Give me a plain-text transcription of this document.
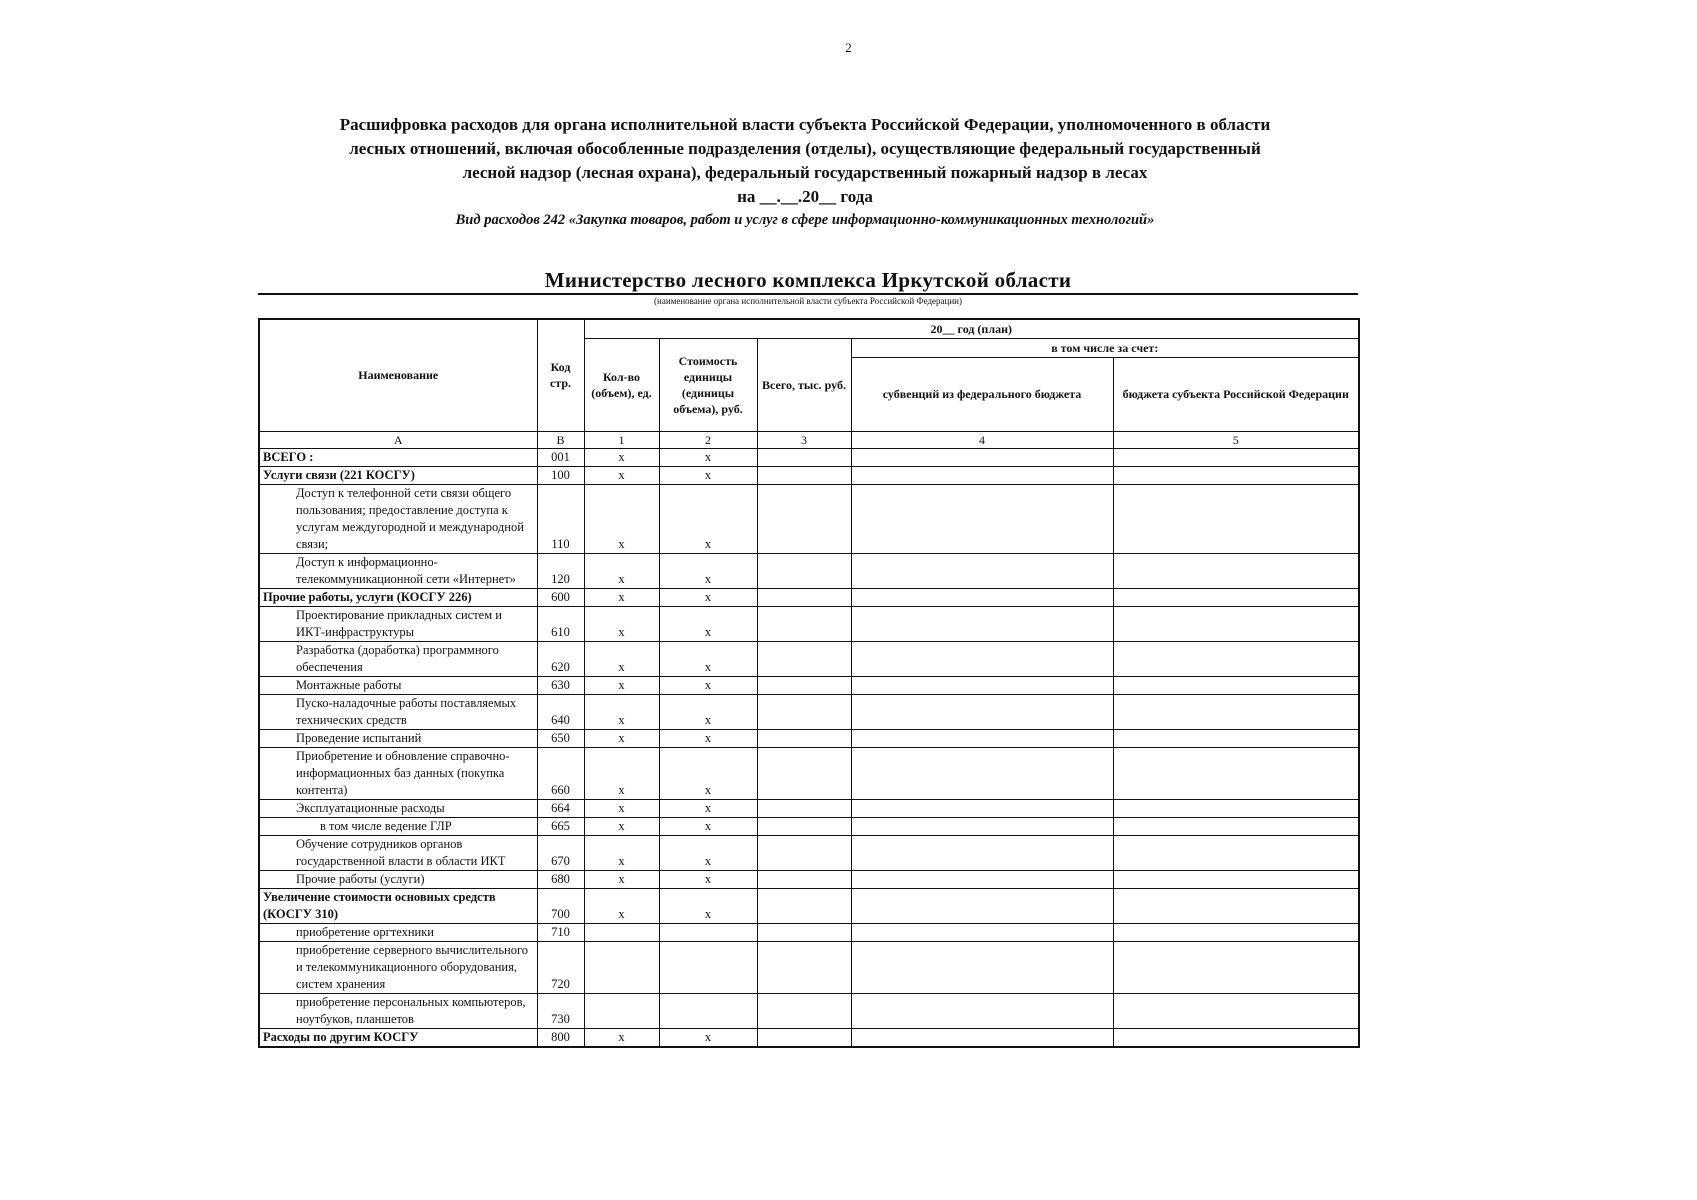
2
Расшифровка расходов для органа исполнительной власти субъекта Российской Федерации, уполномоченного в области
лесных отношений, включая обособленные подразделения (отделы), осуществляющие федеральный государственный
лесной надзор (лесная охрана), федеральный государственный пожарный надзор в лесах
на __.__.20__ года
Вид расходов 242 «Закупка товаров, работ и услуг в сфере информационно-коммуникационных технологий»
Министерство лесного комплекса Иркутской области
(наименование органа исполнительной власти субъекта Российской Федерации)
Наименование	Код стр.	20__ год (план)				
		Кол-во (объем), ед.	Стоимость единицы (единицы объема), руб.	Всего, тыс. руб.	в том числе за счет:	
					субвенций из федерального бюджета	бюджета субъекта Российской Федерации
А	В	1	2	3	4	5
ВСЕГО :	001	x	x			
Услуги связи (221 КОСГУ)	100	x	x			
Доступ к телефонной сети связи общего пользования; предоставление доступа к услугам междугородной и международной связи;	110	x	x			
Доступ к информационно-телекоммуникационной сети «Интернет»	120	x	x			
Прочие работы, услуги (КОСГУ 226)	600	x	x			
Проектирование прикладных систем и ИКТ-инфраструктуры	610	x	x			
Разработка (доработка) программного обеспечения	620	x	x			
Монтажные работы	630	x	x			
Пуско-наладочные работы поставляемых технических средств	640	x	x			
Проведение испытаний	650	x	x			
Приобретение и обновление справочно-информационных баз данных (покупка контента)	660	x	x			
Эксплуатационные расходы	664	x	x			
в том числе ведение ГЛР	665	x	x			
Обучение сотрудников органов государственной власти в области ИКТ	670	x	x			
Прочие работы (услуги)	680	x	x			
Увеличение стоимости основных средств (КОСГУ 310)	700	x	x			
приобретение оргтехники	710					
приобретение серверного вычислительного и телекоммуникационного оборудования, систем хранения	720					
приобретение персональных компьютеров, ноутбуков, планшетов	730					
Расходы по другим КОСГУ	800	x	x			
